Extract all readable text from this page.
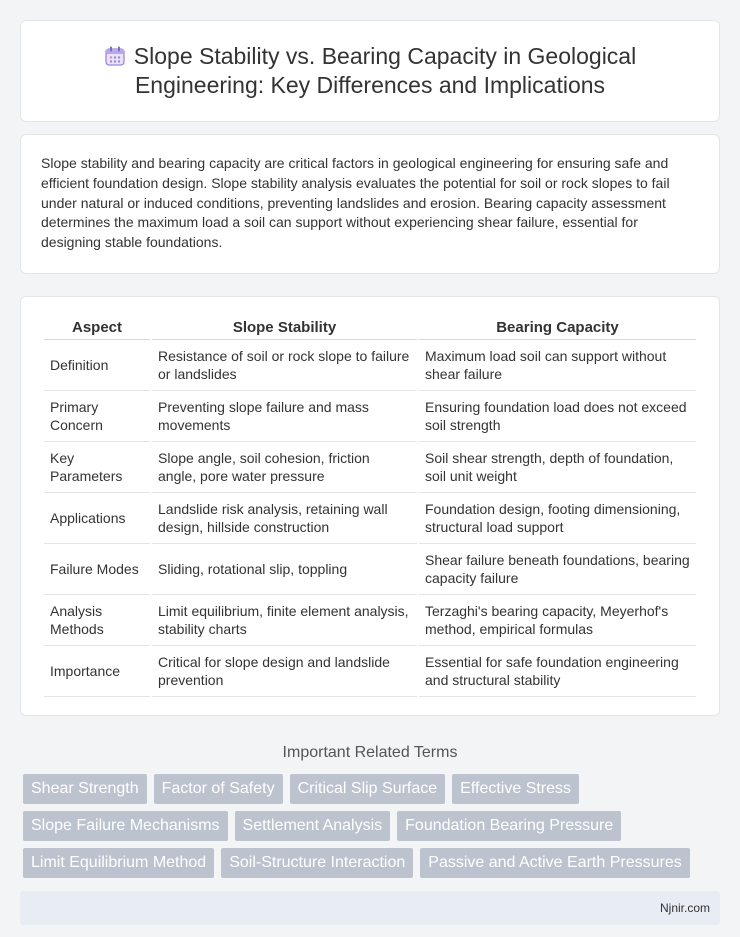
Slope Stability vs. Bearing Capacity in Geological Engineering: Key Differences and Implications

Slope stability and bearing capacity are critical factors in geological engineering for ensuring safe and efficient foundation design. Slope stability analysis evaluates the potential for soil or rock slopes to fail under natural or induced conditions, preventing landslides and erosion. Bearing capacity assessment determines the maximum load a soil can support without experiencing shear failure, essential for designing stable foundations.

Aspect	Slope Stability	Bearing Capacity
Definition	Resistance of soil or rock slope to failure or landslides	Maximum load soil can support without shear failure
Primary Concern	Preventing slope failure and mass movements	Ensuring foundation load does not exceed soil strength
Key Parameters	Slope angle, soil cohesion, friction angle, pore water pressure	Soil shear strength, depth of foundation, soil unit weight
Applications	Landslide risk analysis, retaining wall design, hillside construction	Foundation design, footing dimensioning, structural load support
Failure Modes	Sliding, rotational slip, toppling	Shear failure beneath foundations, bearing capacity failure
Analysis Methods	Limit equilibrium, finite element analysis, stability charts	Terzaghi's bearing capacity, Meyerhof's method, empirical formulas
Importance	Critical for slope design and landslide prevention	Essential for safe foundation engineering and structural stability
Important Related Terms
Shear Strength	Factor of Safety	Critical Slip Surface	Effective Stress
Slope Failure Mechanisms	Settlement Analysis	Foundation Bearing Pressure
Limit Equilibrium Method	Soil-Structure Interaction	Passive and Active Earth Pressures
Njnir.com
